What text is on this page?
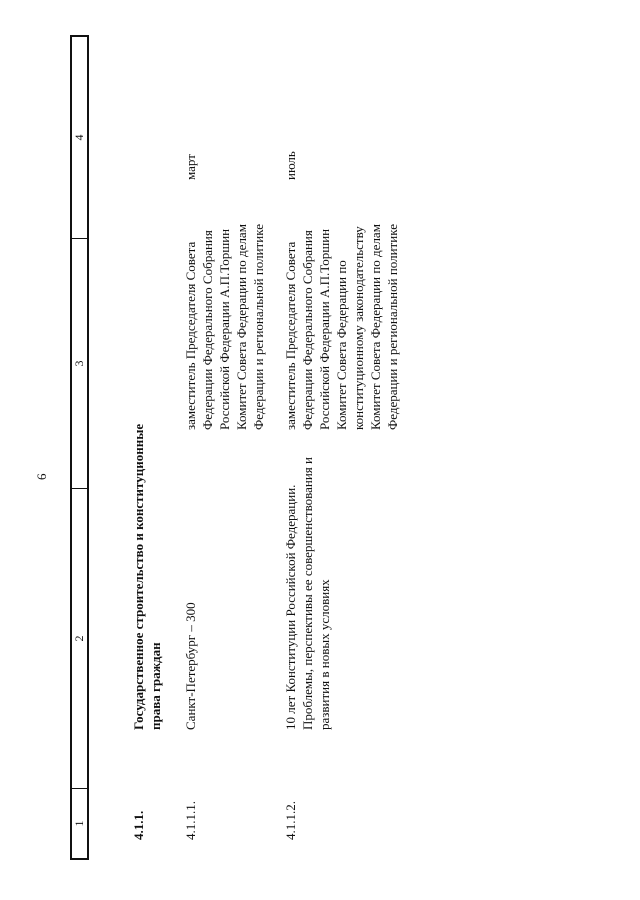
6
1
2
3
4
4.1.1.
Государственное строительство и конституционные права граждан
4.1.1.1.
Санкт-Петербург – 300
заместитель Председателя Совета Федерации Федерального Собрания Российской Федерации А.П.Торшин Комитет Совета Федерации по делам Федерации и региональной политике
март
4.1.1.2.
10 лет Конституции Российской Федерации. Проблемы, перспективы ее совершенствования и развития в новых условиях
заместитель Председателя Совета Федерации Федерального Собрания Российской Федерации А.П.Торшин Комитет Совета Федерации по конституционному законодательству Комитет Совета Федерации по делам Федерации и региональной политике
июль
